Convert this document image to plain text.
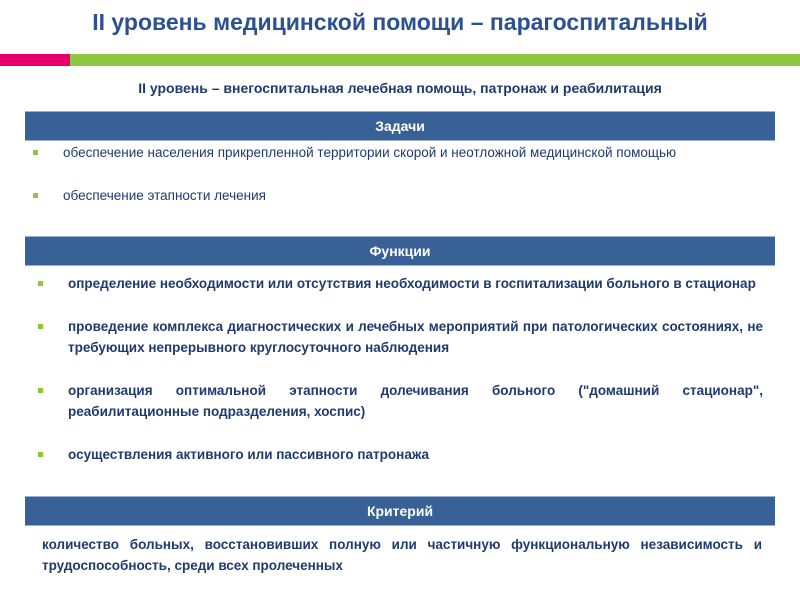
II уровень медицинской помощи – парагоспитальный
II уровень – внегоспитальная лечебная помощь, патронаж и реабилитация
Задачи
обеспечение населения прикрепленной территории скорой и неотложной медицинской помощью
обеспечение этапности лечения
Функции
определение необходимости или отсутствия необходимости в госпитализации больного в стационар
проведение комплекса диагностических и лечебных мероприятий при патологических состояниях, не требующих непрерывного круглосуточного наблюдения
организация оптимальной этапности долечивания больного ("домашний стационар", реабилитационные подразделения, хоспис)
осуществления активного или пассивного патронажа
Критерий
количество больных, восстановивших полную или частичную функциональную независимость и трудоспособность, среди всех пролеченных
